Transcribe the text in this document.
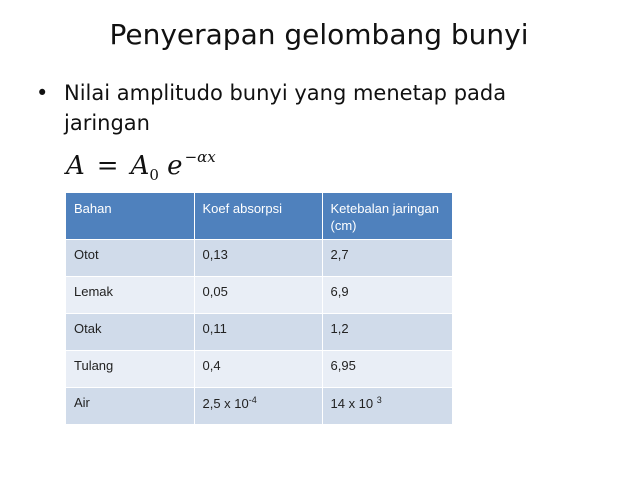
Penyerapan gelombang bunyi
• Nilai amplitudo bunyi yang menetap pada jaringan
$A = A_0$ e $^{-\alpha x}$
Bahan	Koef absorpsi	Ketebalan jaringan (cm)
Otot	0,13	2,7
Lemak	0,05	6,9
Otak	0,11	1,2
Tulang	0,4	6,95
Air	2,5 x $10^{-4}$	14 x 10 $^3$
